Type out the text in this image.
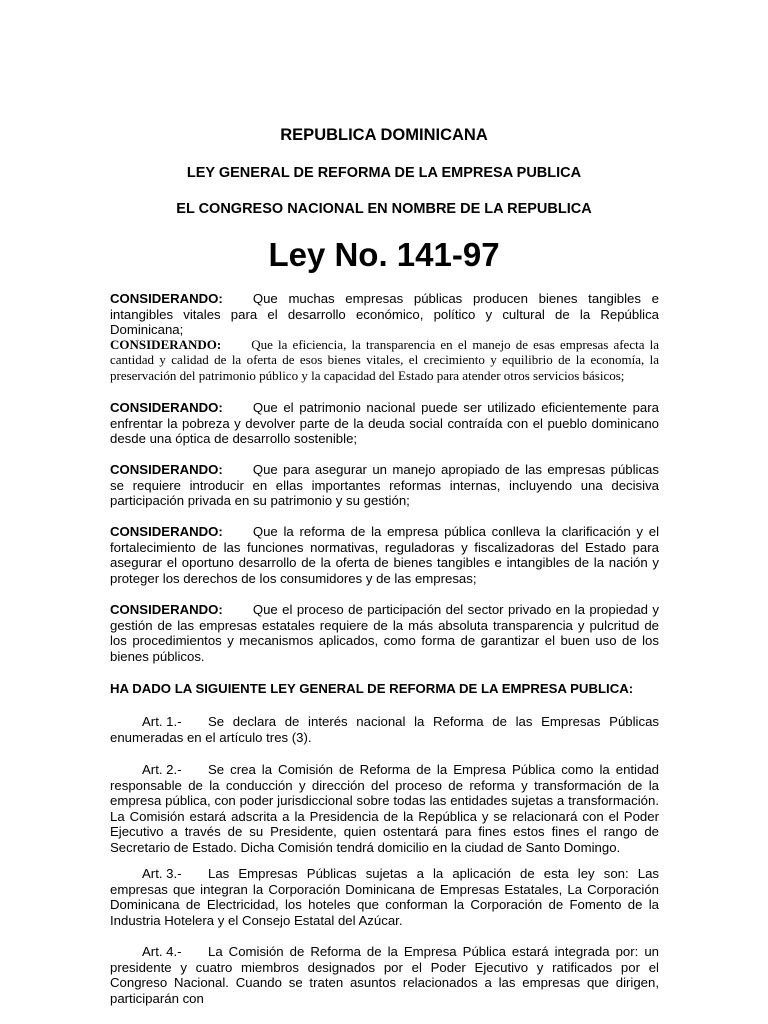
REPUBLICA DOMINICANA

LEY GENERAL DE REFORMA DE LA EMPRESA PUBLICA

EL CONGRESO NACIONAL EN NOMBRE DE LA REPUBLICA

Ley No. 141-97

CONSIDERANDO: Que muchas empresas públicas producen bienes tangibles e intangibles vitales para el desarrollo económico, político y cultural de la República Dominicana;

CONSIDERANDO: Que la eficiencia, la transparencia en el manejo de esas empresas afecta la cantidad y calidad de la oferta de esos bienes vitales, el crecimiento y equilibrio de la economía, la preservación del patrimonio público y la capacidad del Estado para atender otros servicios básicos;

CONSIDERANDO: Que el patrimonio nacional puede ser utilizado eficientemente para enfrentar la pobreza y devolver parte de la deuda social contraída con el pueblo dominicano desde una óptica de desarrollo sostenible;

CONSIDERANDO: Que para asegurar un manejo apropiado de las empresas públicas se requiere introducir en ellas importantes reformas internas, incluyendo una decisiva participación privada en su patrimonio y su gestión;

CONSIDERANDO: Que la reforma de la empresa pública conlleva la clarificación y el fortalecimiento de las funciones normativas, reguladoras y fiscalizadoras del Estado para asegurar el oportuno desarrollo de la oferta de bienes tangibles e intangibles de la nación y proteger los derechos de los consumidores y de las empresas;

CONSIDERANDO: Que el proceso de participación del sector privado en la propiedad y gestión de las empresas estatales requiere de la más absoluta transparencia y pulcritud de los procedimientos y mecanismos aplicados, como forma de garantizar el buen uso de los bienes públicos.

HA DADO LA SIGUIENTE LEY GENERAL DE REFORMA DE LA EMPRESA PUBLICA:

Art. 1.- Se declara de interés nacional la Reforma de las Empresas Públicas enumeradas en el artículo tres (3).

Art. 2.- Se crea la Comisión de Reforma de la Empresa Pública como la entidad responsable de la conducción y dirección del proceso de reforma y transformación de la empresa pública, con poder jurisdiccional sobre todas las entidades sujetas a transformación. La Comisión estará adscrita a la Presidencia de la República y se relacionará con el Poder Ejecutivo a través de su Presidente, quien ostentará para fines estos fines el rango de Secretario de Estado. Dicha Comisión tendrá domicilio en la ciudad de Santo Domingo.

Art. 3.- Las Empresas Públicas sujetas a la aplicación de esta ley son: Las empresas que integran la Corporación Dominicana de Empresas Estatales, La Corporación Dominicana de Electricidad, los hoteles que conforman la Corporación de Fomento de la Industria Hotelera y el Consejo Estatal del Azúcar.

Art. 4.- La Comisión de Reforma de la Empresa Pública estará integrada por: un presidente y cuatro miembros designados por el Poder Ejecutivo y ratificados por el Congreso Nacional. Cuando se traten asuntos relacionados a las empresas que dirigen, participarán con
